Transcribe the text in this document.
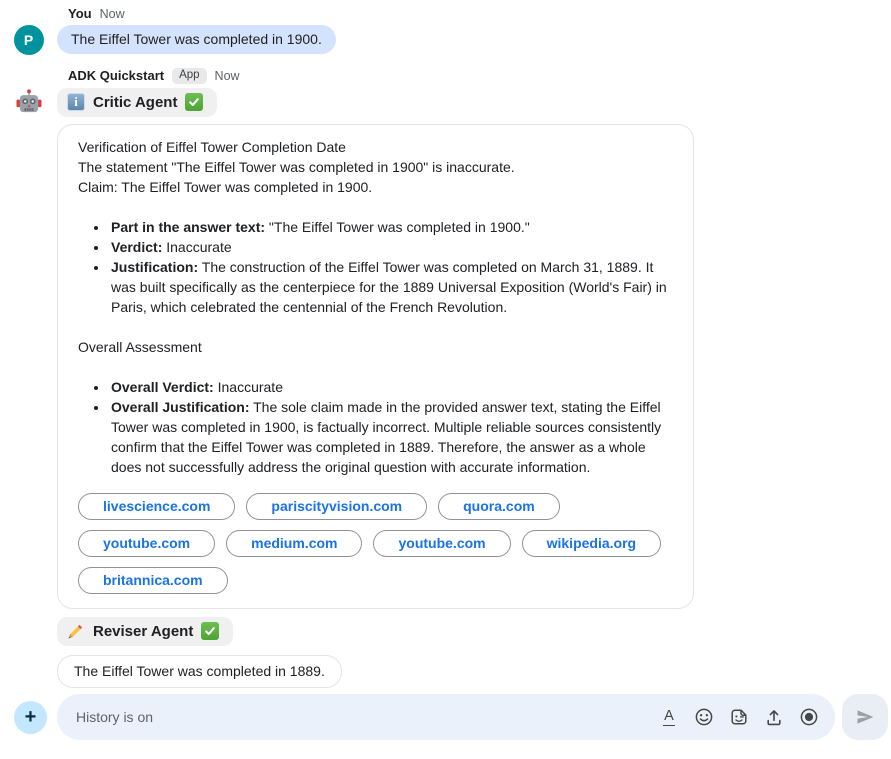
You Now
P	The Eiffel Tower was completed in 1900.
ADK Quickstart	App	Now
i	Critic Agent
Verification of Eiffel Tower Completion Date
The statement "The Eiffel Tower was completed in 1900" is inaccurate.
Claim: The Eiffel Tower was completed in 1900.
• Part in the answer text: "The Eiffel Tower was completed in 1900."
• Verdict: Inaccurate
• Justification: The construction of the Eiffel Tower was completed on March 31, 1889. It was built specifically as the centerpiece for the 1889 Universal Exposition (World's Fair) in Paris, which celebrated the centennial of the French Revolution.
Overall Assessment
• Overall Verdict: Inaccurate
• Overall Justification: The sole claim made in the provided answer text, stating the Eiffel Tower was completed in 1900, is factually incorrect. Multiple reliable sources consistently confirm that the Eiffel Tower was completed in 1889. Therefore, the answer as a whole does not successfully address the original question with accurate information.
livescience.com	pariscityvision.com	quora.com
youtube.com	medium.com	youtube.com	wikipedia.org
britannica.com
Reviser Agent
The Eiffel Tower was completed in 1889.
+
History is on	A
